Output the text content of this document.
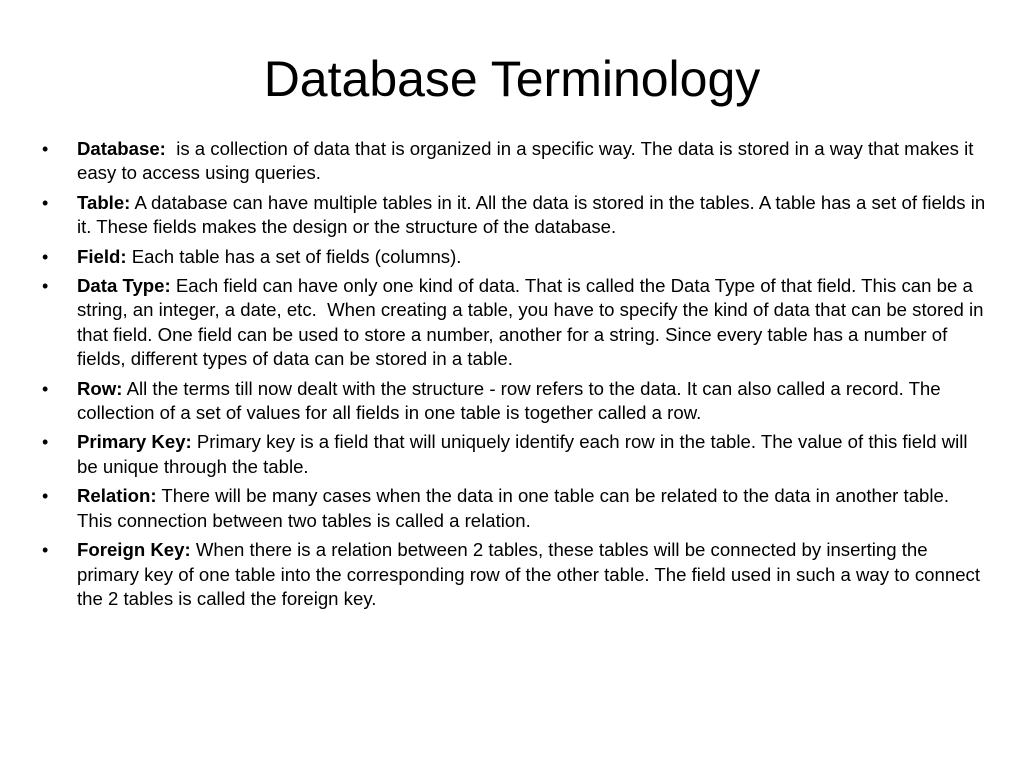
Database Terminology
•	Database:  is a collection of data that is organized in a specific way. The data is stored in a way that makes it easy to access using queries.
•	Table: A database can have multiple tables in it. All the data is stored in the tables. A table has a set of fields in it. These fields makes the design or the structure of the database.
•	Field: Each table has a set of fields (columns).
•	Data Type: Each field can have only one kind of data. That is called the Data Type of that field. This can be a string, an integer, a date, etc.  When creating a table, you have to specify the kind of data that can be stored in that field. One field can be used to store a number, another for a string. Since every table has a number of fields, different types of data can be stored in a table.
•	Row: All the terms till now dealt with the structure - row refers to the data. It can also called a record. The collection of a set of values for all fields in one table is together called a row.
•	Primary Key: Primary key is a field that will uniquely identify each row in the table. The value of this field will be unique through the table.
•	Relation: There will be many cases when the data in one table can be related to the data in another table. This connection between two tables is called a relation.
•	Foreign Key: When there is a relation between 2 tables, these tables will be connected by inserting the primary key of one table into the corresponding row of the other table. The field used in such a way to connect the 2 tables is called the foreign key.
